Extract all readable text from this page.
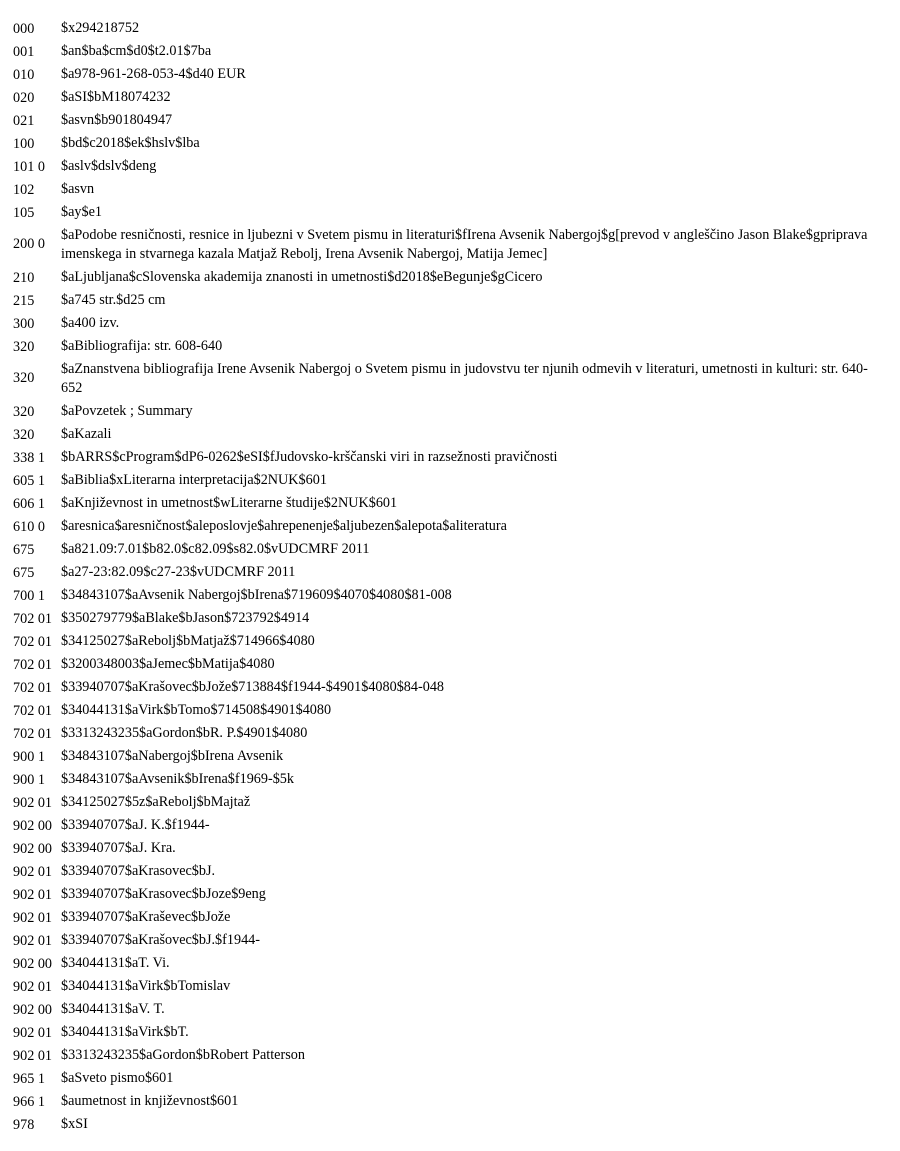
000 $x294218752
001 $an$ba$cm$d0$t2.01$7ba
010 $a978-961-268-053-4$d40 EUR
020 $aSI$bM18074232
021 $asvn$b901804947
100 $bd$c2018$ek$hslv$lba
101 0 $aslv$dslv$deng
102 $asvn
105 $ay$e1
200 0
$aPodobe resničnosti, resnice in ljubezni v Svetem pismu in literaturi$fIrena Avsenik Nabergoj$g[prevod v angleščino Jason Blake$gpriprava imenskega in stvarnega kazala Matjaž Rebolj, Irena Avsenik Nabergoj, Matija Jemec]
210 $aLjubljana$cSlovenska akademija znanosti in umetnosti$d2018$eBegunje$gCicero
215 $a745 str.$d25 cm
300 $a400 izv.
320 $aBibliografija: str. 608-640
320
$aZnanstvena bibliografija Irene Avsenik Nabergoj o Svetem pismu in judovstvu ter njunih odmevih v literaturi, umetnosti in kulturi: str. 640-652
320 $aPovzetek ; Summary
320 $aKazali
338 1 $bARRS$cProgram$dP6-0262$eSI$fJudovsko-krščanski viri in razsežnosti pravičnosti
605 1 $aBiblia$xLiterarna interpretacija$2NUK$601
606 1 $aKnjiževnost in umetnost$wLiterarne študije$2NUK$601
610 0 $aresnica$aresničnost$aleposlovje$ahrepenenje$aljubezen$alepota$aliteratura
675 $a821.09:7.01$b82.0$c82.09$s82.0$vUDCMRF 2011
675 $a27-23:82.09$c27-23$vUDCMRF 2011
700 1 $34843107$aAvsenik Nabergoj$bIrena$719609$4070$4080$81-008
702 01 $350279779$aBlake$bJason$723792$4914
702 01 $34125027$aRebolj$bMatjaž$714966$4080
702 01 $3200348003$aJemec$bMatija$4080
702 01 $33940707$aKrašovec$bJože$713884$f1944-$4901$4080$84-048
702 01 $34044131$aVirk$bTomo$714508$4901$4080
702 01 $3313243235$aGordon$bR. P.$4901$4080
900 1 $34843107$aNabergoj$bIrena Avsenik
900 1 $34843107$aAvsenik$bIrena$f1969-$5k
902 01 $34125027$5z$aRebolj$bMajtaž
902 00 $33940707$aJ. K.$f1944-
902 00 $33940707$aJ. Kra.
902 01 $33940707$aKrasovec$bJ.
902 01 $33940707$aKrasovec$bJoze$9eng
902 01 $33940707$aKraševec$bJože
902 01 $33940707$aKrašovec$bJ.$f1944-
902 00 $34044131$aT. Vi.
902 01 $34044131$aVirk$bTomislav
902 00 $34044131$aV. T.
902 01 $34044131$aVirk$bT.
902 01 $3313243235$aGordon$bRobert Patterson
965 1 $aSveto pismo$601
966 1 $aumetnost in književnost$601
978 $xSI
